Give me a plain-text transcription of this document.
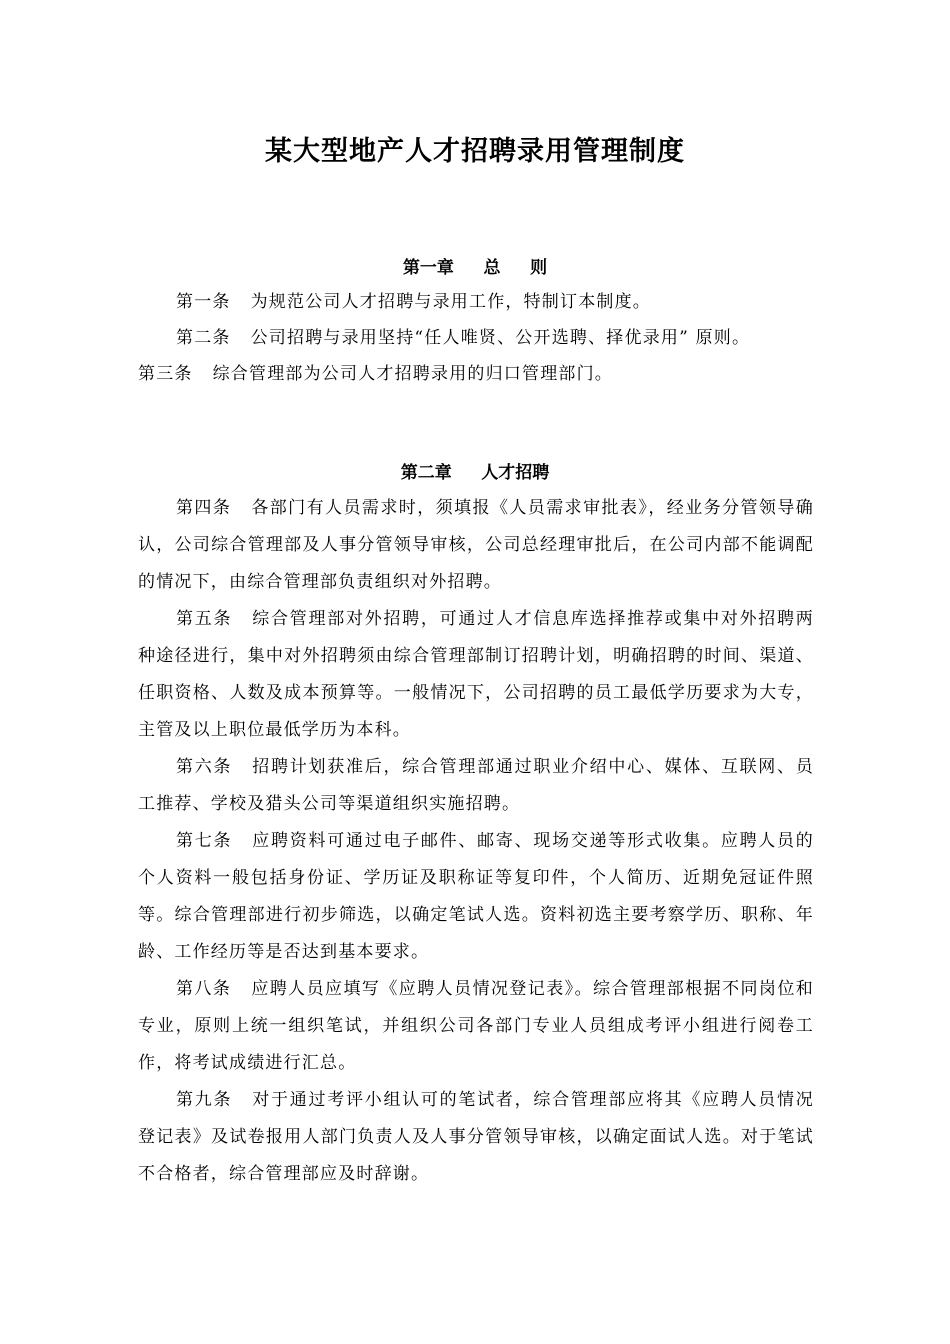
某大型地产人才招聘录用管理制度
第一章     总     则

第一条 为规范公司人才招聘与录用工作，特制订本制度。

第二条 公司招聘与录用坚持“任人唯贤、公开选聘、择优录用” 原则。

第三条 综合管理部为公司人才招聘录用的归口管理部门。

第二章     人才招聘

第四条 各部门有人员需求时，须填报《人员需求审批表》，经业务分管领导确认，公司综合管理部及人事分管领导审核，公司总经理审批后，在公司内部不能调配的情况下，由综合管理部负责组织对外招聘。

第五条 综合管理部对外招聘，可通过人才信息库选择推荐或集中对外招聘两种途径进行，集中对外招聘须由综合管理部制订招聘计划，明确招聘的时间、渠道、任职资格、人数及成本预算等。一般情况下，公司招聘的员工最低学历要求为大专，主管及以上职位最低学历为本科。

第六条 招聘计划获准后，综合管理部通过职业介绍中心、媒体、互联网、员工推荐、学校及猎头公司等渠道组织实施招聘。

第七条 应聘资料可通过电子邮件、邮寄、现场交递等形式收集。应聘人员的个人资料一般包括身份证、学历证及职称证等复印件，个人简历、近期免冠证件照等。综合管理部进行初步筛选，以确定笔试人选。资料初选主要考察学历、职称、年龄、工作经历等是否达到基本要求。

第八条 应聘人员应填写《应聘人员情况登记表》。综合管理部根据不同岗位和专业，原则上统一组织笔试，并组织公司各部门专业人员组成考评小组进行阅卷工作，将考试成绩进行汇总。

第九条 对于通过考评小组认可的笔试者，综合管理部应将其《应聘人员情况登记表》及试卷报用人部门负责人及人事分管领导审核，以确定面试人选。对于笔试不合格者，综合管理部应及时辞谢。
